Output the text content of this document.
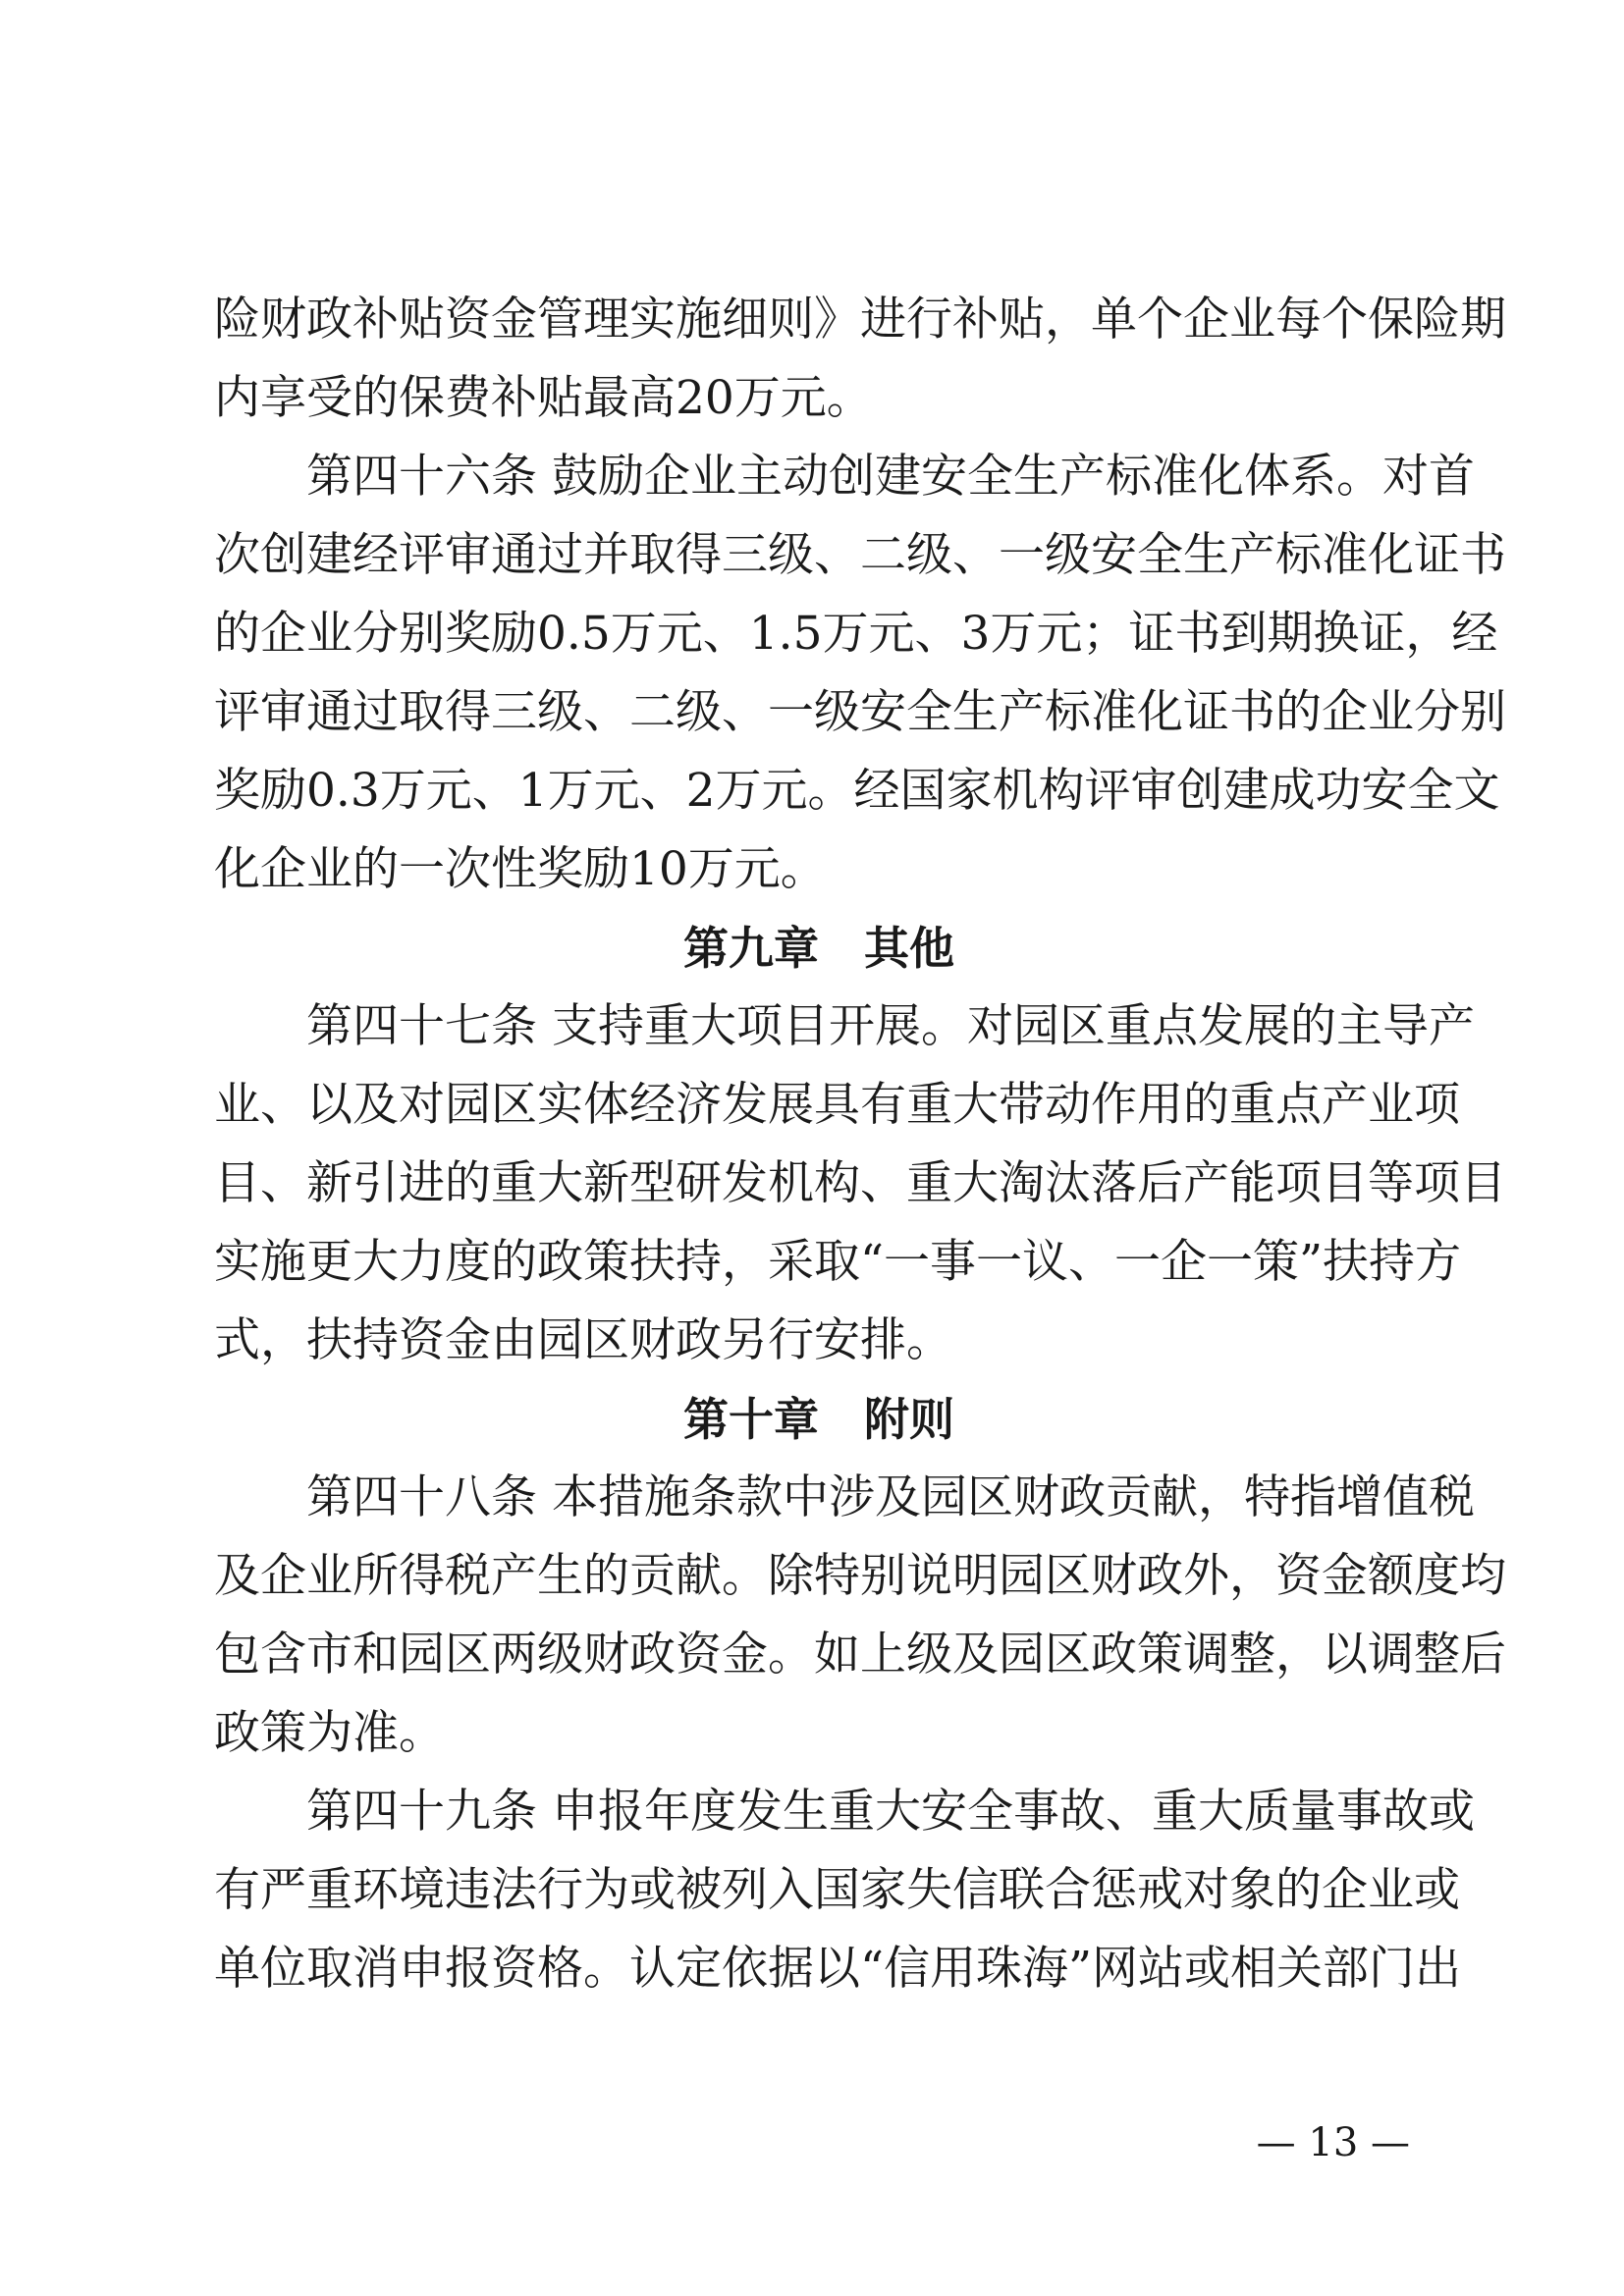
险财政补贴资金管理实施细则》进行补贴，单个企业每个保险期
内享受的保费补贴最高20万元。
第四十六条 鼓励企业主动创建安全生产标准化体系。对首
次创建经评审通过并取得三级、二级、一级安全生产标准化证书
的企业分别奖励0.5万元、1.5万元、3万元；证书到期换证，经
评审通过取得三级、二级、一级安全生产标准化证书的企业分别
奖励0.3万元、1万元、2万元。经国家机构评审创建成功安全文
化企业的一次性奖励10万元。
第九章　其他
第四十七条 支持重大项目开展。对园区重点发展的主导产
业、以及对园区实体经济发展具有重大带动作用的重点产业项
目、新引进的重大新型研发机构、重大淘汰落后产能项目等项目
实施更大力度的政策扶持，采取“一事一议、一企一策”扶持方
式，扶持资金由园区财政另行安排。
第十章　附则
第四十八条 本措施条款中涉及园区财政贡献，特指增值税
及企业所得税产生的贡献。除特别说明园区财政外，资金额度均
包含市和园区两级财政资金。如上级及园区政策调整，以调整后
政策为准。
第四十九条 申报年度发生重大安全事故、重大质量事故或
有严重环境违法行为或被列入国家失信联合惩戒对象的企业或
单位取消申报资格。认定依据以“信用珠海”网站或相关部门出
— 13 —
